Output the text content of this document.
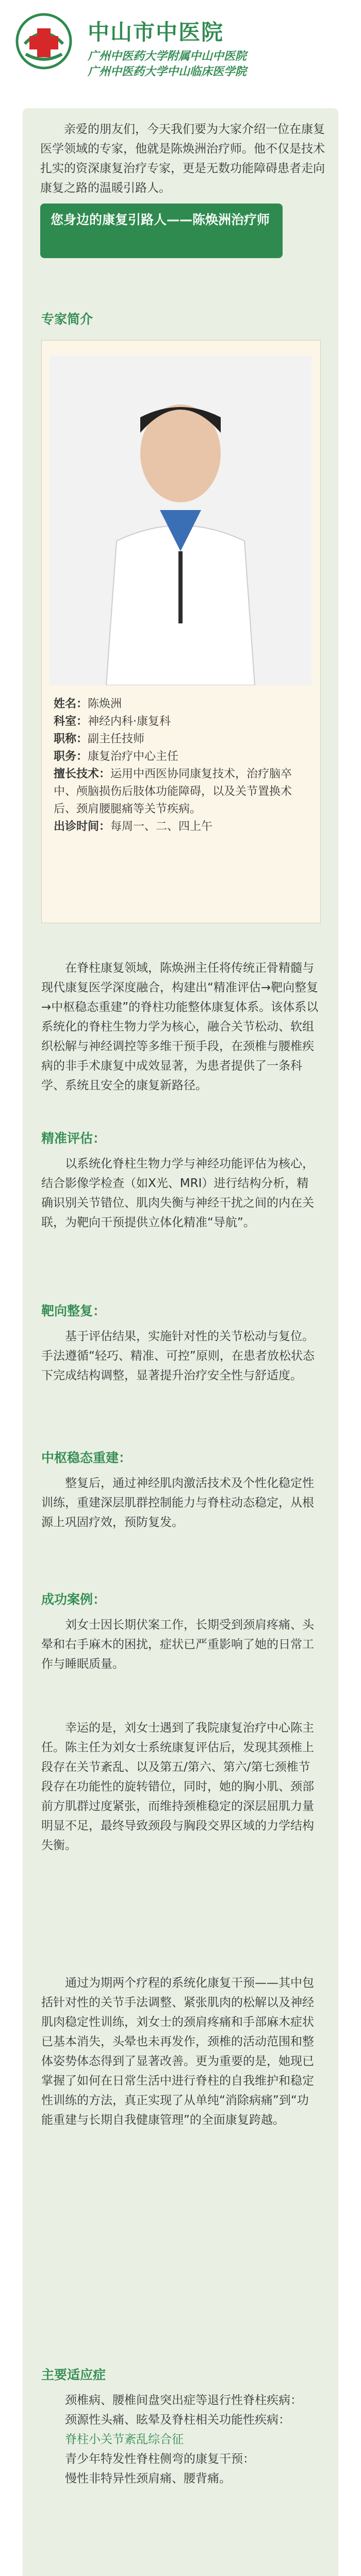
中山市中医院
广州中医药大学附属中山中医院
广州中医药大学中山临床医学院
亲爱的朋友们，今天我们要为大家介绍一位在康复医学领域的专家，他就是陈焕洲治疗师。他不仅是技术扎实的资深康复治疗专家，更是无数功能障碍患者走向康复之路的温暖引路人。
您身边的康复引路人——陈焕洲治疗师
专家简介
姓名：陈焕洲
科室：神经内科·康复科
职称：副主任技师
职务：康复治疗中心主任
擅长技术：运用中西医协同康复技术，治疗脑卒中、颅脑损伤后肢体功能障碍，以及关节置换术后、颈肩腰腿痛等关节疾病。
出诊时间：每周一、二、四上午
在脊柱康复领域，陈焕洲主任将传统正骨精髓与现代康复医学深度融合，构建出“精准评估→靶向整复→中枢稳态重建”的脊柱功能整体康复体系。该体系以系统化的脊柱生物力学为核心，融合关节松动、软组织松解与神经调控等多维干预手段，在颈椎与腰椎疾病的非手术康复中成效显著，为患者提供了一条科学、系统且安全的康复新路径。
精准评估：
以系统化脊柱生物力学与神经功能评估为核心，结合影像学检查（如X光、MRI）进行结构分析，精确识别关节错位、肌肉失衡与神经干扰之间的内在关联，为靶向干预提供立体化精准“导航”。
靶向整复：
基于评估结果，实施针对性的关节松动与复位。手法遵循“轻巧、精准、可控”原则，在患者放松状态下完成结构调整，显著提升治疗安全性与舒适度。
中枢稳态重建：
整复后，通过神经肌肉激活技术及个性化稳定性训练，重建深层肌群控制能力与脊柱动态稳定，从根源上巩固疗效，预防复发。
成功案例：
刘女士因长期伏案工作，长期受到颈肩疼痛、头晕和右手麻木的困扰，症状已严重影响了她的日常工作与睡眠质量。
幸运的是，刘女士遇到了我院康复治疗中心陈主任。陈主任为刘女士系统康复评估后，发现其颈椎上段存在关节紊乱、以及第五/第六、第六/第七颈椎节段存在功能性的旋转错位，同时，她的胸小肌、颈部前方肌群过度紧张，而维持颈椎稳定的深层屈肌力量明显不足，最终导致颈段与胸段交界区域的力学结构失衡。
通过为期两个疗程的系统化康复干预——其中包括针对性的关节手法调整、紧张肌肉的松解以及神经肌肉稳定性训练，刘女士的颈肩疼痛和手部麻木症状已基本消失，头晕也未再发作，颈椎的活动范围和整体姿势体态得到了显著改善。更为重要的是，她现已掌握了如何在日常生活中进行脊柱的自我维护和稳定性训练的方法，真正实现了从单纯“消除病痛”到“功能重建与长期自我健康管理”的全面康复跨越。
主要适应症
颈椎病、腰椎间盘突出症等退行性脊柱疾病：
颈源性头痛、眩晕及脊柱相关功能性疾病：
脊柱小关节紊乱综合征
青少年特发性脊柱侧弯的康复干预：
慢性非特异性颈肩痛、腰背痛。
